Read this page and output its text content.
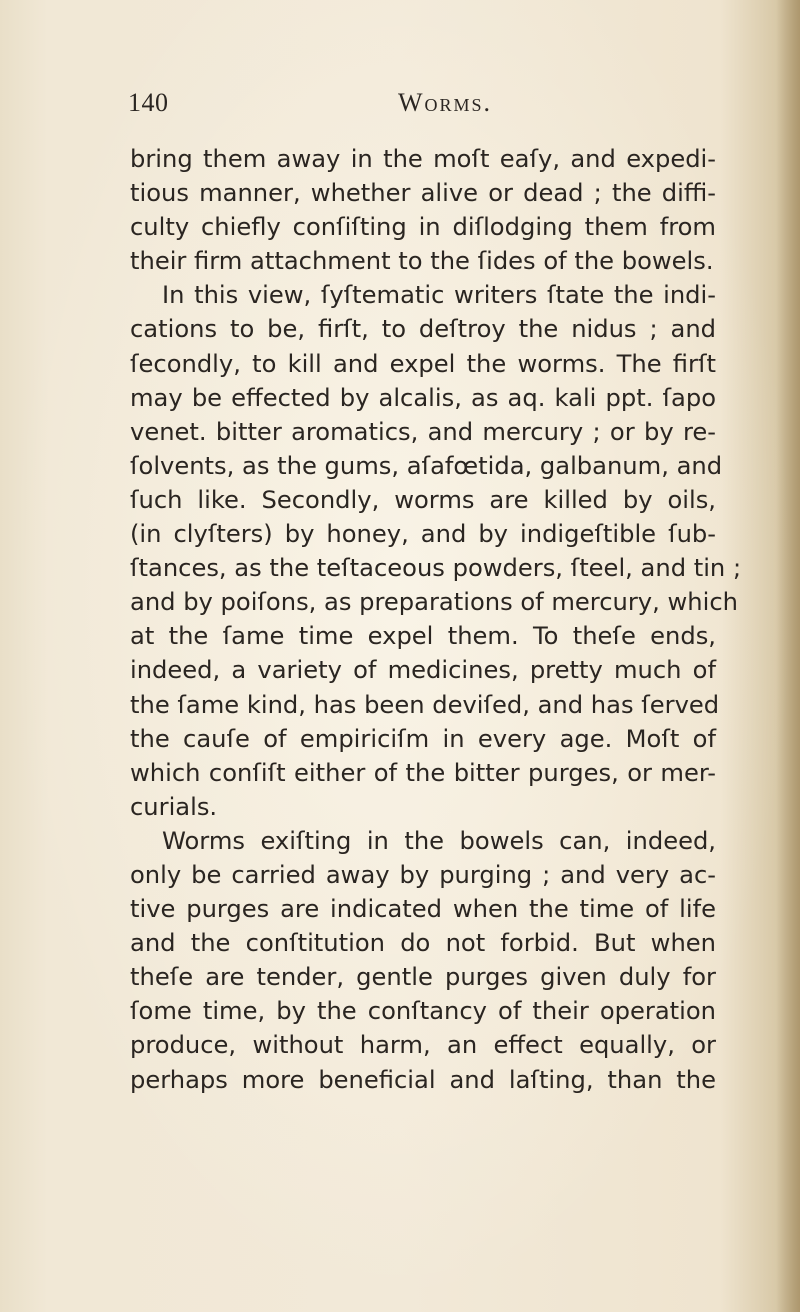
140	Worms.
bring them away in the moſt eaſy, and expedi-
tious manner, whether alive or dead ; the diffi-
culty chiefly conſiſting in diſlodging them from
their firm attachment to the ſides of the bowels.
In this view, ſyſtematic writers ſtate the indi-
cations to be, firſt, to deſtroy the nidus ; and
ſecondly, to kill and expel the worms. The firſt
may be effected by alcalis, as aq. kali ppt. ſapo
venet. bitter aromatics, and mercury ; or by re-
ſolvents, as the gums, aſafœtida, galbanum, and
ſuch like. Secondly, worms are killed by oils,
(in clyſters) by honey, and by indigeſtible ſub-
ſtances, as the teſtaceous powders, ſteel, and tin ;
and by poiſons, as preparations of mercury, which
at the ſame time expel them. To theſe ends,
indeed, a variety of medicines, pretty much of
the ſame kind, has been deviſed, and has ſerved
the cauſe of empiriciſm in every age. Moſt of
which conſiſt either of the bitter purges, or mer-
curials.
Worms exiſting in the bowels can, indeed,
only be carried away by purging ; and very ac-
tive purges are indicated when the time of life
and the conſtitution do not forbid. But when
theſe are tender, gentle purges given duly for
ſome time, by the conſtancy of their operation
produce, without harm, an effect equally, or
perhaps more beneficial and laſting, than the
